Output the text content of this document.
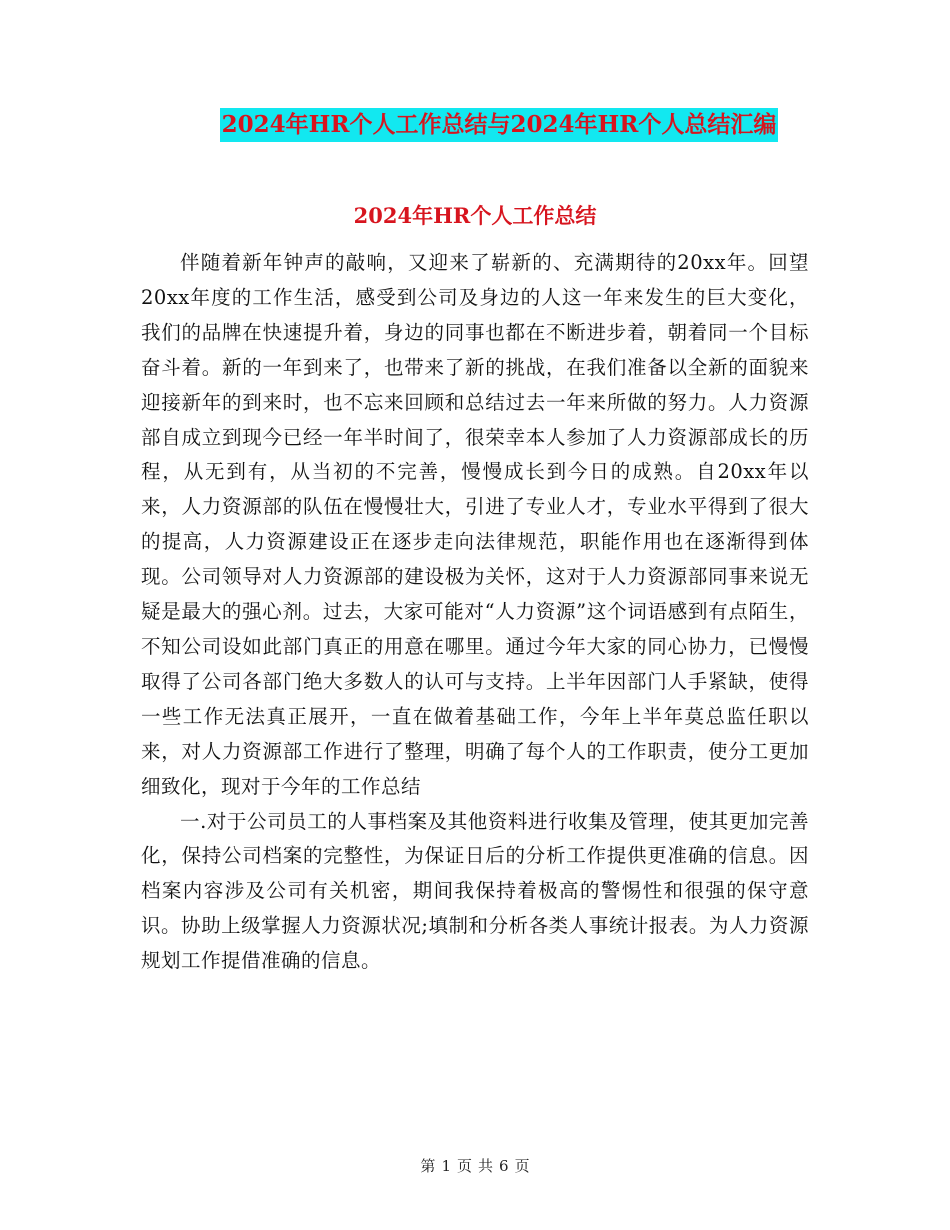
2024年HR个人工作总结与2024年HR个人总结汇编
2024年HR个人工作总结

伴随着新年钟声的敲响，又迎来了崭新的、充满期待的20xx年。回望20xx年度的工作生活，感受到公司及身边的人这一年来发生的巨大变化，我们的品牌在快速提升着，身边的同事也都在不断进步着，朝着同一个目标奋斗着。新的一年到来了，也带来了新的挑战，在我们准备以全新的面貌来迎接新年的到来时，也不忘来回顾和总结过去一年来所做的努力。人力资源部自成立到现今已经一年半时间了，很荣幸本人参加了人力资源部成长的历程，从无到有，从当初的不完善，慢慢成长到今日的成熟。自20xx年以来，人力资源部的队伍在慢慢壮大，引进了专业人才，专业水平得到了很大的提高，人力资源建设正在逐步走向法律规范，职能作用也在逐渐得到体现。公司领导对人力资源部的建设极为关怀，这对于人力资源部同事来说无疑是最大的强心剂。过去，大家可能对“人力资源”这个词语感到有点陌生，不知公司设如此部门真正的用意在哪里。通过今年大家的同心协力，已慢慢取得了公司各部门绝大多数人的认可与支持。上半年因部门人手紧缺，使得一些工作无法真正展开，一直在做着基础工作，今年上半年莫总监任职以来，对人力资源部工作进行了整理，明确了每个人的工作职责，使分工更加细致化，现对于今年的工作总结

一.对于公司员工的人事档案及其他资料进行收集及管理，使其更加完善化，保持公司档案的完整性，为保证日后的分析工作提供更准确的信息。因档案内容涉及公司有关机密，期间我保持着极高的警惕性和很强的保守意识。协助上级掌握人力资源状况;填制和分析各类人事统计报表。为人力资源规划工作提借准确的信息。

第 1 页 共 6 页
